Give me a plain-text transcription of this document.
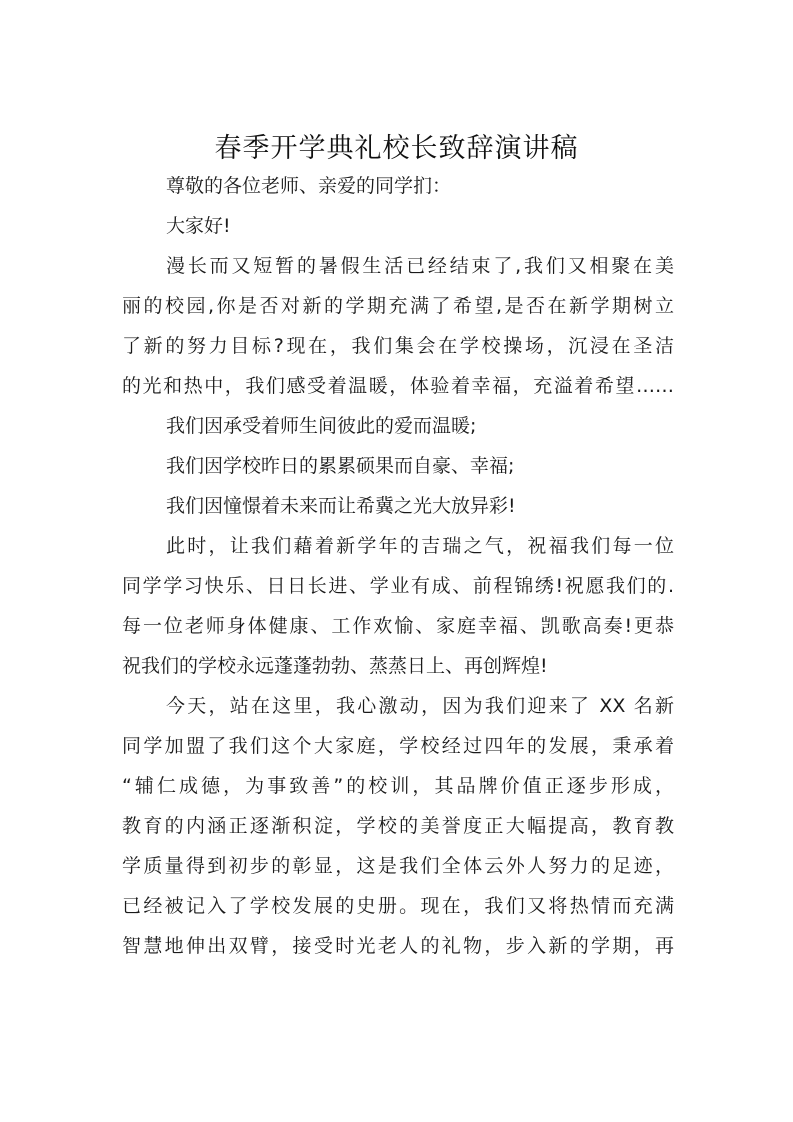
春季开学典礼校长致辞演讲稿
尊敬的各位老师、亲爱的同学扪：
大家好!
漫长而又短暂的暑假生活已经结束了,我们又相聚在美
丽的校园,你是否对新的学期充满了希望,是否在新学期树立
了新的努力目标?现在，我们集会在学校操场，沉浸在圣洁
的光和热中，我们感受着温暖，体验着幸福，充溢着希望……
我们因承受着师生间彼此的爱而温暖;
我们因学校昨日的累累硕果而自豪、幸福;
我们因憧憬着未来而让希冀之光大放异彩!
此时，让我们藉着新学年的吉瑞之气，祝福我们每一位
同学学习快乐、日日长进、学业有成、前程锦绣!祝愿我们的.
每一位老师身体健康、工作欢愉、家庭幸福、凯歌高奏!更恭
祝我们的学校永远蓬蓬勃勃、蒸蒸日上、再创辉煌!
今天，站在这里，我心激动，因为我们迎来了 XX 名新
同学加盟了我们这个大家庭，学校经过四年的发展，秉承着
“辅仁成德，为事致善”的校训，其品牌价值正逐步形成，
教育的内涵正逐渐积淀，学校的美誉度正大幅提高，教育教
学质量得到初步的彰显，这是我们全体云外人努力的足迹，
已经被记入了学校发展的史册。现在，我们又将热情而充满
智慧地伸出双臂，接受时光老人的礼物，步入新的学期，再
